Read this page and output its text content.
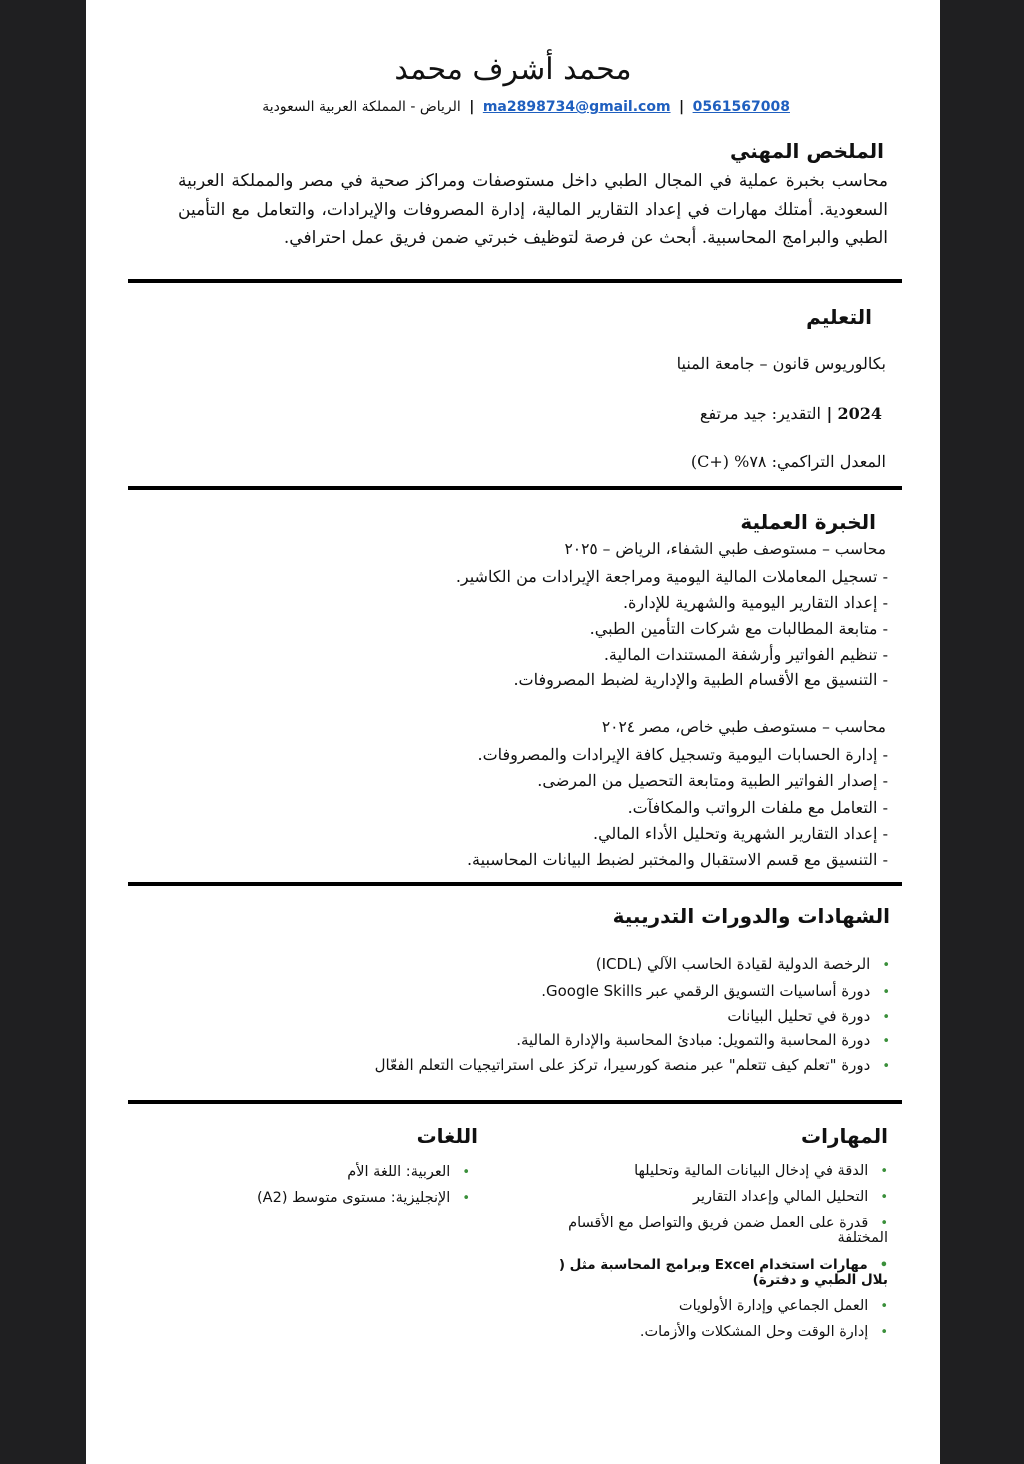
محمد أشرف محمد
0561567008 | ma2898734@gmail.com | الرياض - المملكة العربية السعودية
الملخص المهني
محاسب بخبرة عملية في المجال الطبي داخل مستوصفات ومراكز صحية في مصر والمملكة العربية السعودية. أمتلك مهارات في إعداد التقارير المالية، إدارة المصروفات والإيرادات، والتعامل مع التأمين الطبي والبرامج المحاسبية. أبحث عن فرصة لتوظيف خبرتي ضمن فريق عمل احترافي.
التعليم
بكالوريوس قانون – جامعة المنيا
2024 | التقدير: جيد مرتفع
المعدل التراكمي: ٧٨% (+C)
الخبرة العملية
محاسب – مستوصف طبي الشفاء، الرياض – ٢٠٢٥
- تسجيل المعاملات المالية اليومية ومراجعة الإيرادات من الكاشير.
- إعداد التقارير اليومية والشهرية للإدارة.
- متابعة المطالبات مع شركات التأمين الطبي.
- تنظيم الفواتير وأرشفة المستندات المالية.
- التنسيق مع الأقسام الطبية والإدارية لضبط المصروفات.
محاسب – مستوصف طبي خاص، مصر ٢٠٢٤
- إدارة الحسابات اليومية وتسجيل كافة الإيرادات والمصروفات.
- إصدار الفواتير الطبية ومتابعة التحصيل من المرضى.
- التعامل مع ملفات الرواتب والمكافآت.
- إعداد التقارير الشهرية وتحليل الأداء المالي.
- التنسيق مع قسم الاستقبال والمختبر لضبط البيانات المحاسبية.
الشهادات والدورات التدريبية
•الرخصة الدولية لقيادة الحاسب الآلي (ICDL)
•دورة أساسيات التسويق الرقمي عبر Google Skills.
•دورة في تحليل البيانات
•دورة المحاسبة والتمويل: مبادئ المحاسبة والإدارة المالية.
•دورة "تعلم كيف تتعلم" عبر منصة كورسيرا، تركز على استراتيجيات التعلم الفعّال
المهارات
•الدقة في إدخال البيانات المالية وتحليلها
•التحليل المالي وإعداد التقارير
•قدرة على العمل ضمن فريق والتواصل مع الأقسام المختلفة
•مهارات استخدام Excel وبرامج المحاسبة مثل ( بلال الطبي و دفترة)
•العمل الجماعي وإدارة الأولويات
•إدارة الوقت وحل المشكلات والأزمات.
اللغات
•العربية: اللغة الأم
•الإنجليزية: مستوى متوسط (A2)
